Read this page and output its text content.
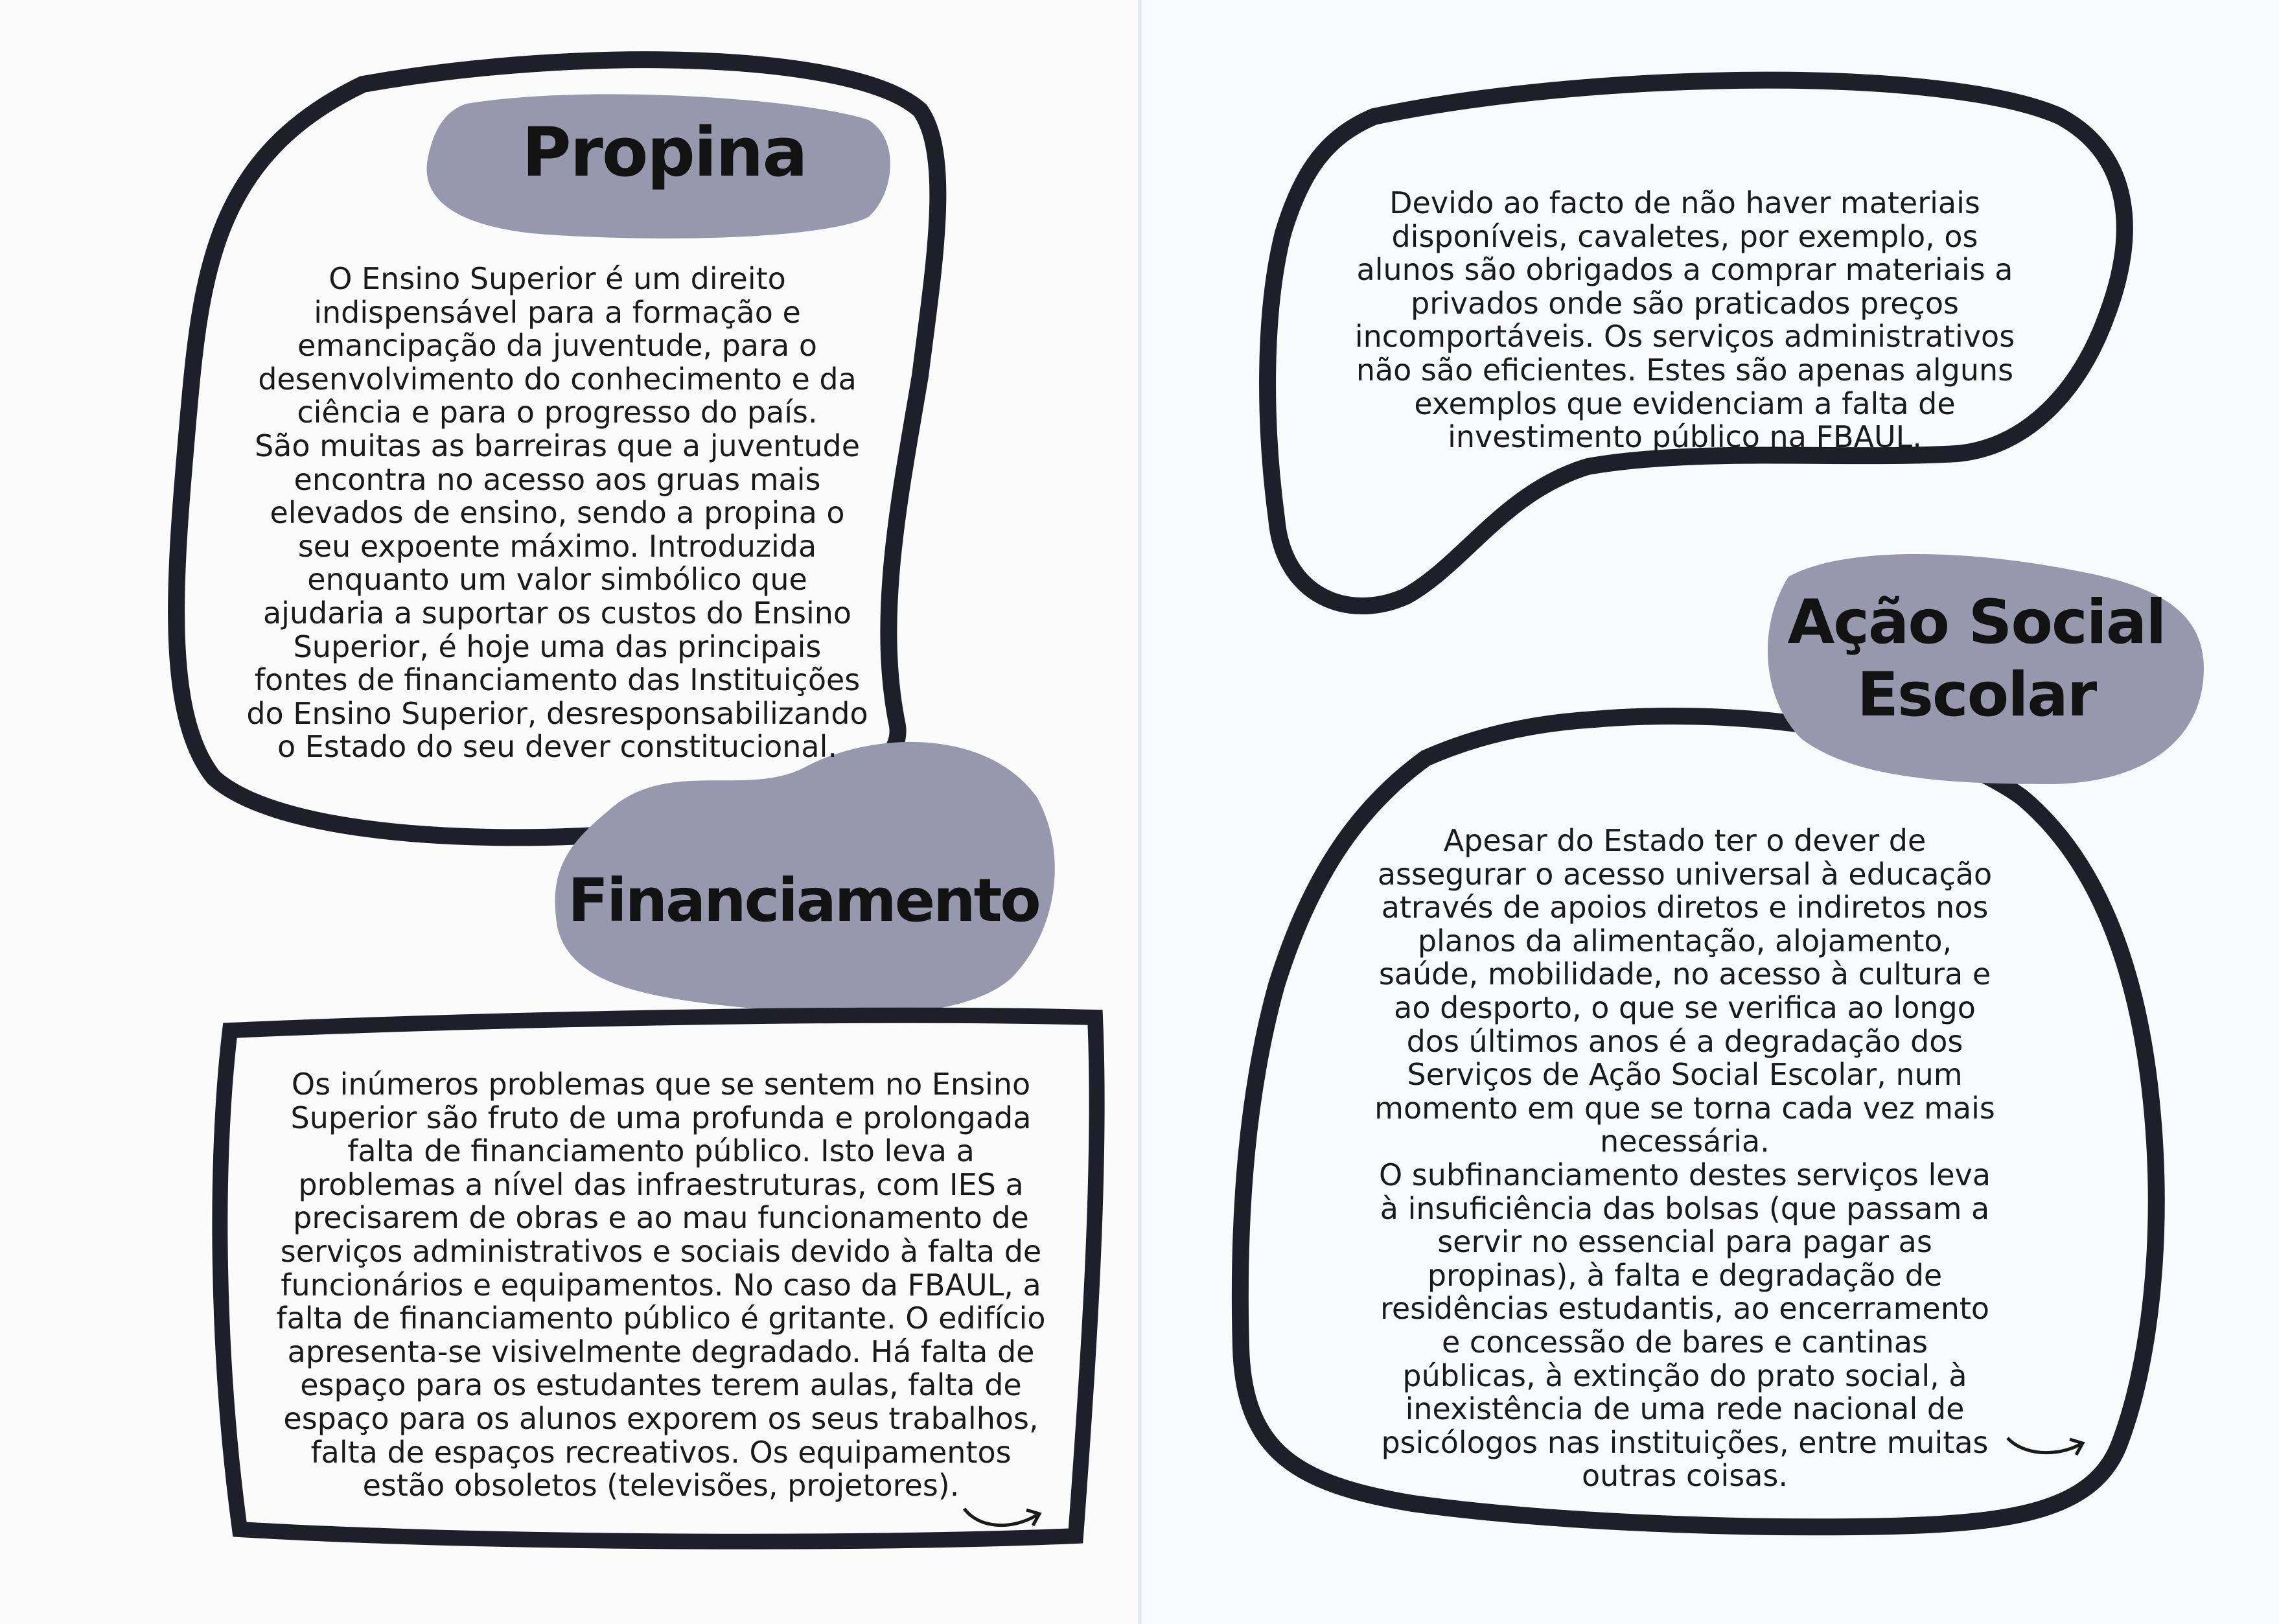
Propina

O Ensino Superior é um direito

indispensável para a formação e

emancipação da juventude, para o

desenvolvimento do conhecimento e da

ciência e para o progresso do país.

São muitas as barreiras que a juventude

encontra no acesso aos gruas mais

elevados de ensino, sendo a propina o

seu expoente máximo. Introduzida

enquanto um valor simbólico que

ajudaria a suportar os custos do Ensino

Superior, é hoje uma das principais

fontes de financiamento das Instituições

do Ensino Superior, desresponsabilizando

o Estado do seu dever constitucional.

Financiamento

Os inúmeros problemas que se sentem no Ensino

Superior são fruto de uma profunda e prolongada

falta de financiamento público. Isto leva a

problemas a nível das infraestruturas, com IES a

precisarem de obras e ao mau funcionamento de

serviços administrativos e sociais devido à falta de

funcionários e equipamentos. No caso da FBAUL, a

falta de financiamento público é gritante. O edifício

apresenta-se visivelmente degradado. Há falta de

espaço para os estudantes terem aulas, falta de

espaço para os alunos exporem os seus trabalhos,

falta de espaços recreativos. Os equipamentos

estão obsoletos (televisões, projetores).

Devido ao facto de não haver materiais

disponíveis, cavaletes, por exemplo, os

alunos são obrigados a comprar materiais a

privados onde são praticados preços

incomportáveis. Os serviços administrativos

não são eficientes. Estes são apenas alguns

exemplos que evidenciam a falta de

investimento público na FBAUL.

Ação Social
Escolar

Apesar do Estado ter o dever de

assegurar o acesso universal à educação

através de apoios diretos e indiretos nos

planos da alimentação, alojamento,

saúde, mobilidade, no acesso à cultura e

ao desporto, o que se verifica ao longo

dos últimos anos é a degradação dos

Serviços de Ação Social Escolar, num

momento em que se torna cada vez mais

necessária.

O subfinanciamento destes serviços leva

à insuficiência das bolsas (que passam a

servir no essencial para pagar as

propinas), à falta e degradação de

residências estudantis, ao encerramento

e concessão de bares e cantinas

públicas, à extinção do prato social, à

inexistência de uma rede nacional de

psicólogos nas instituições, entre muitas

outras coisas.
